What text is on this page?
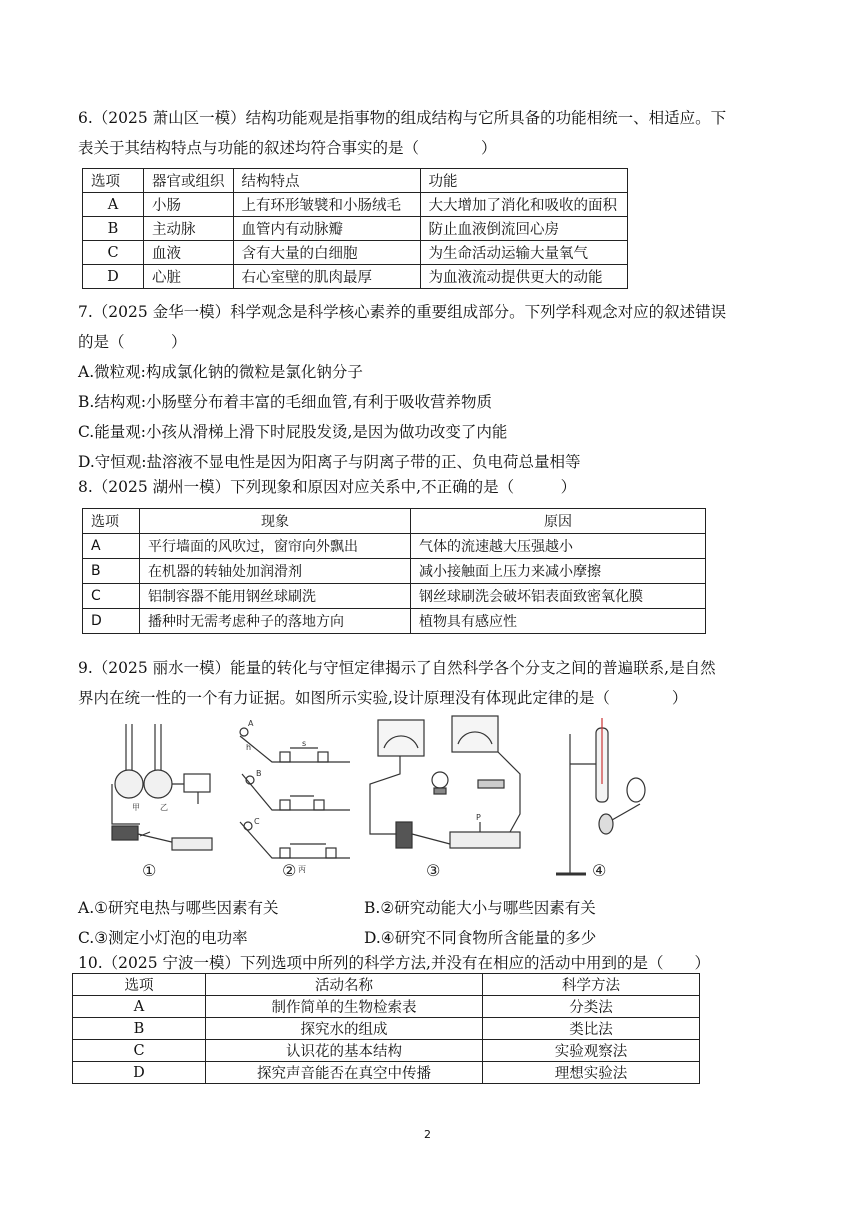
6.（2025 萧山区一模）结构功能观是指事物的组成结构与它所具备的功能相统一、相适应。下
表关于其结构特点与功能的叙述均符合事实的是（　　　　）
选项	器官或组织	结构特点	功能
A	小肠	上有环形皱襞和小肠绒毛	大大增加了消化和吸收的面积
B	主动脉	血管内有动脉瓣	防止血液倒流回心房
C	血液	含有大量的白细胞	为生命活动运输大量氧气
D	心脏	右心室壁的肌肉最厚	为血液流动提供更大的动能
7.（2025 金华一模）科学观念是科学核心素养的重要组成部分。下列学科观念对应的叙述错误
的是（　　　）
A.微粒观:构成氯化钠的微粒是氯化钠分子
B.结构观:小肠壁分布着丰富的毛细血管,有利于吸收营养物质
C.能量观:小孩从滑梯上滑下时屁股发烫,是因为做功改变了内能
D.守恒观:盐溶液不显电性是因为阳离子与阴离子带的正、负电荷总量相等
8.（2025 湖州一模）下列现象和原因对应关系中,不正确的是（　　　）
选项	现象	原因
A	平行墙面的风吹过，窗帘向外飘出	气体的流速越大压强越小
B	在机器的转轴处加润滑剂	减小接触面上压力来减小摩擦
C	铝制容器不能用钢丝球刷洗	钢丝球刷洗会破坏铝表面致密氧化膜
D	播种时无需考虑种子的落地方向	植物具有感应性
9.（2025 丽水一模）能量的转化与守恒定律揭示了自然科学各个分支之间的普遍联系,是自然
界内在统一性的一个有力证据。如图所示实验,设计原理没有体现此定律的是（　　　　）
甲	乙
丙
A
B
C
h	s
P
①	②	③	④
A.①研究电热与哪些因素有关	B.②研究动能大小与哪些因素有关
C.③测定小灯泡的电功率	D.④研究不同食物所含能量的多少
10.（2025 宁波一模）下列选项中所列的科学方法,并没有在相应的活动中用到的是（　　）
选项	活动名称	科学方法
A	制作简单的生物检索表	分类法
B	探究水的组成	类比法
C	认识花的基本结构	实验观察法
D	探究声音能否在真空中传播	理想实验法
2
